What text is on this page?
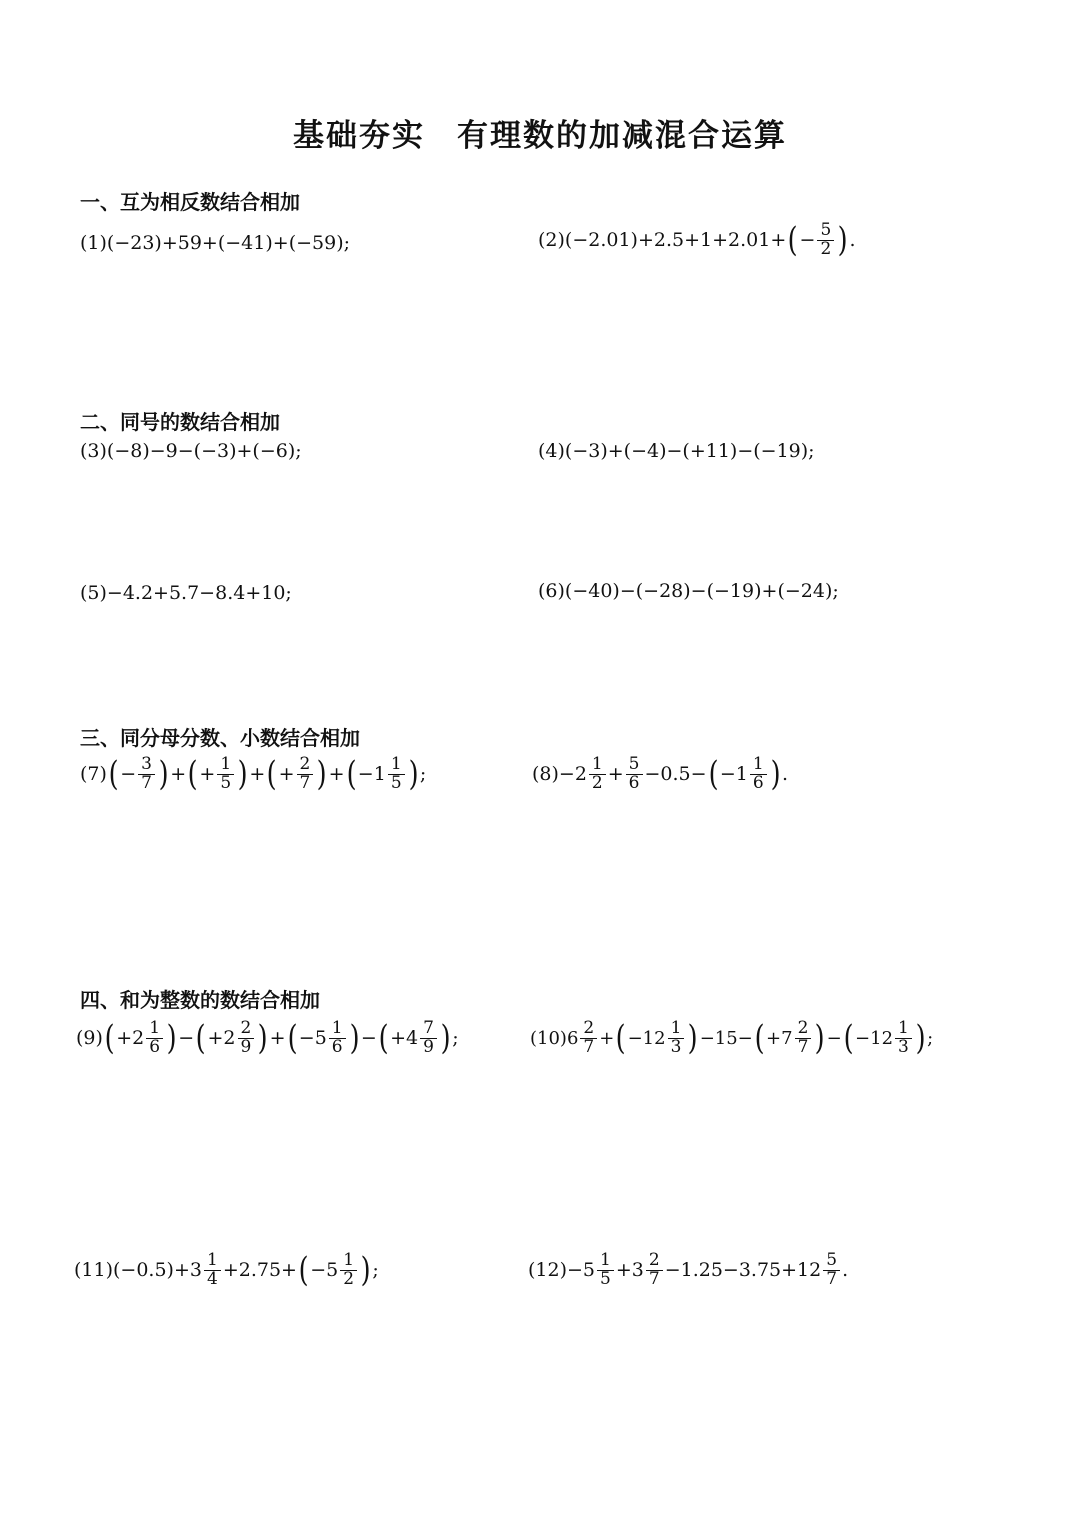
基础夯实 有理数的加减混合运算
一、互为相反数结合相加
(1)(−23)+59+(−41)+(−59);	(2)(−2.01)+2.5+1+2.01+ ( − $\frac{5}{2}$ ) .
二、同号的数结合相加
(3)(−8)−9−(−3)+(−6);	(4)(−3)+(−4)−(+11)−(−19);
(5)−4.2+5.7−8.4+10;	(6)(−40)−(−28)−(−19)+(−24);
三、同分母分数、小数结合相加
(7) ( − $\frac{3}{7}$ ) + ( + $\frac{1}{5}$ ) + ( + $\frac{2}{7}$ ) + ( $-1 \frac{1}{5}$ ) ;	$(8)-2 \frac{1}{2} + \frac{5}{6} -0.5-$ ( $-1 \frac{1}{6}$ ) .
四、和为整数的数结合相加
(9) ( $+2 \frac{1}{6}$ ) − ( $+2 \frac{2}{9}$ ) + ( $-5 \frac{1}{6}$ ) − ( $+4 \frac{7}{9}$ ) ;	$(10)6 \frac{2}{7}$ + ( $-12 \frac{1}{3}$ ) −15− ( $+7 \frac{2}{7}$ ) − ( $-12 \frac{1}{3}$ ) ;
$(11)(-0.5)+3 \frac{1}{4} +2.75+$ ( $-5 \frac{1}{2}$ ) ;	$(12)-5 \frac{1}{5} +3 \frac{2}{7} -1.25-3.75+12 \frac{5}{7}$ .
